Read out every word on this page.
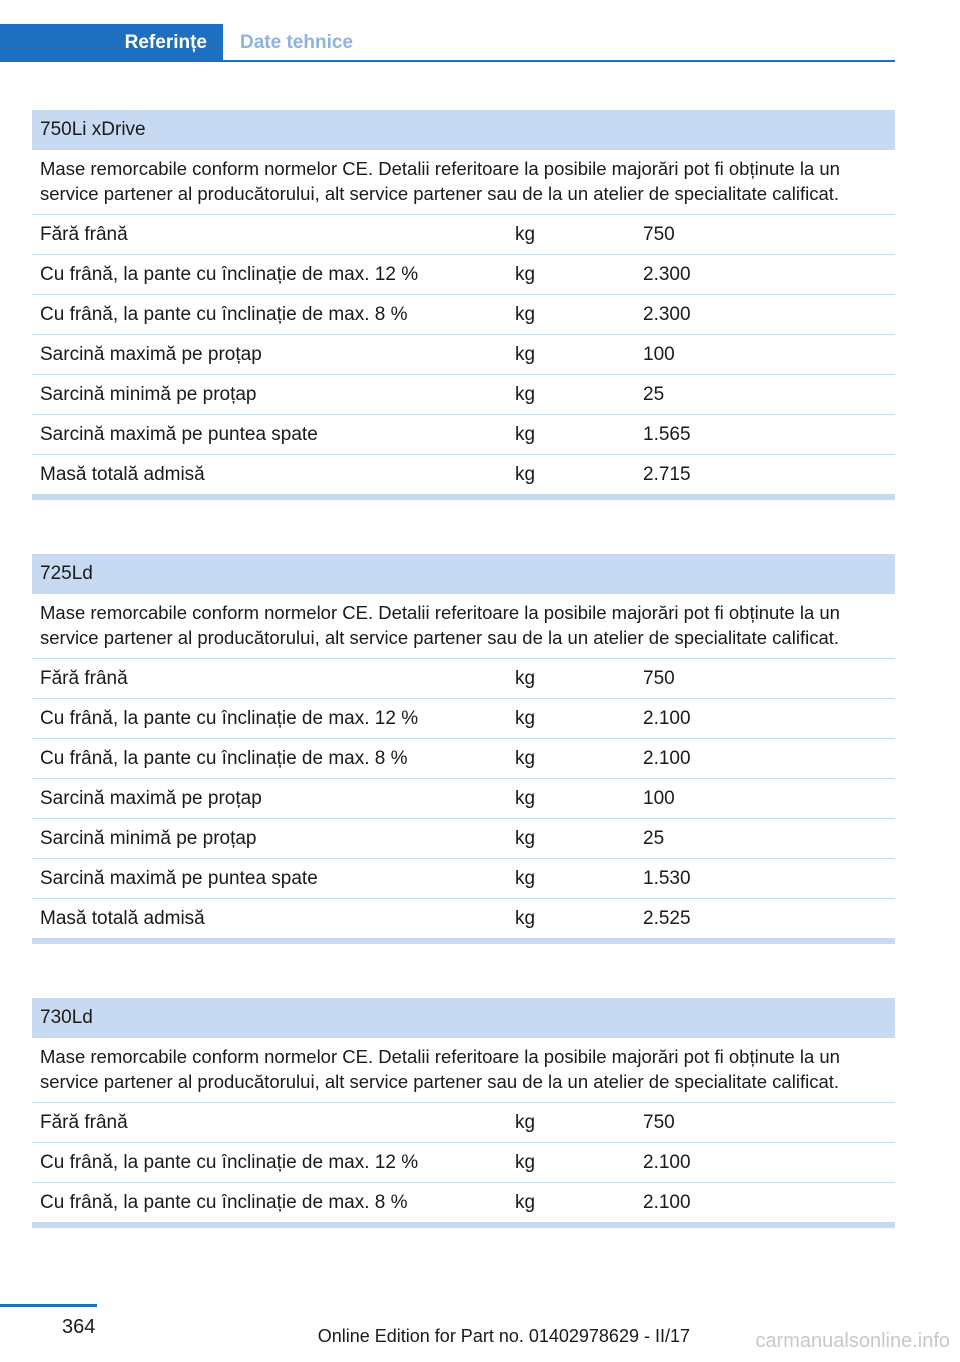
Referințe	Date tehnice
750Li xDrive
Mase remorcabile conform normelor CE. Detalii referitoare la posibile majorări pot fi obținute la un service partener al producătorului, alt service partener sau de la un atelier de specialitate calificat.
Fără frână	kg	750
Cu frână, la pante cu înclinație de max. 12 %	kg	2.300
Cu frână, la pante cu înclinație de max. 8 %	kg	2.300
Sarcină maximă pe proțap	kg	100
Sarcină minimă pe proțap	kg	25
Sarcină maximă pe puntea spate	kg	1.565
Masă totală admisă	kg	2.715
725Ld
Mase remorcabile conform normelor CE. Detalii referitoare la posibile majorări pot fi obținute la un service partener al producătorului, alt service partener sau de la un atelier de specialitate calificat.
Fără frână	kg	750
Cu frână, la pante cu înclinație de max. 12 %	kg	2.100
Cu frână, la pante cu înclinație de max. 8 %	kg	2.100
Sarcină maximă pe proțap	kg	100
Sarcină minimă pe proțap	kg	25
Sarcină maximă pe puntea spate	kg	1.530
Masă totală admisă	kg	2.525
730Ld
Mase remorcabile conform normelor CE. Detalii referitoare la posibile majorări pot fi obținute la un service partener al producătorului, alt service partener sau de la un atelier de specialitate calificat.
Fără frână	kg	750
Cu frână, la pante cu înclinație de max. 12 %	kg	2.100
Cu frână, la pante cu înclinație de max. 8 %	kg	2.100
364	Online Edition for Part no. 01402978629 - II/17	carmanualsonline.info
